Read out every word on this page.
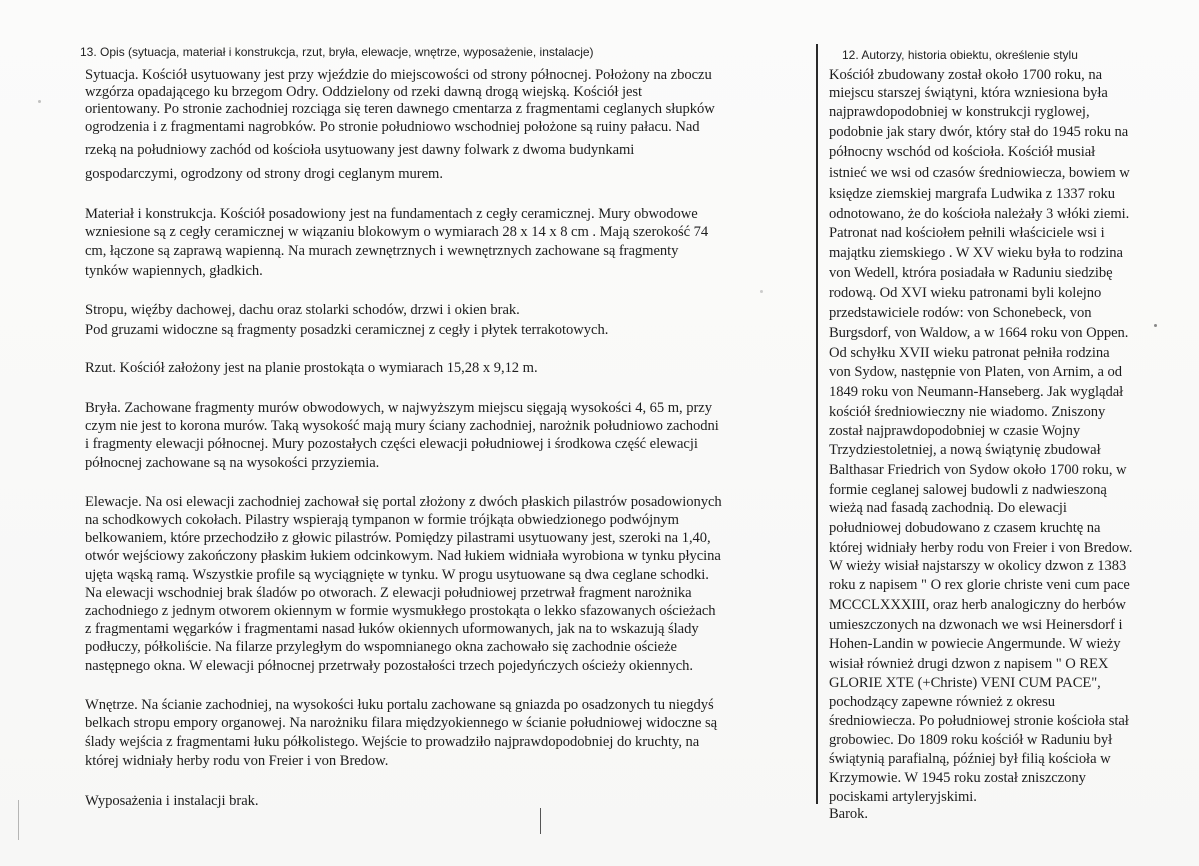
13. Opis (sytuacja, materiał i konstrukcja, rzut, bryła, elewacje, wnętrze, wyposażenie, instalacje)	12. Autorzy, historia obiektu, określenie stylu
Sytuacja. Kościół usytuowany jest przy wjeździe do miejscowości od strony północnej. Położony na zboczu
wzgórza opadającego ku brzegom Odry. Oddzielony od rzeki dawną drogą wiejską. Kościół jest
orientowany. Po stronie zachodniej rozciąga się teren dawnego cmentarza z fragmentami ceglanych słupków
ogrodzenia i z fragmentami nagrobków. Po stronie południowo wschodniej położone są ruiny pałacu. Nad
rzeką na południowy zachód od kościoła usytuowany jest dawny folwark z dwoma budynkami
gospodarczymi, ogrodzony od strony drogi ceglanym murem.
Materiał i konstrukcja. Kościół posadowiony jest na fundamentach z cegły ceramicznej. Mury obwodowe
wzniesione są z cegły ceramicznej w wiązaniu blokowym o wymiarach 28 x 14 x 8 cm . Mają szerokość 74
cm, łączone są zaprawą wapienną. Na murach zewnętrznych i wewnętrznych zachowane są fragmenty
tynków wapiennych, gładkich.
Stropu, więźby dachowej, dachu oraz stolarki schodów, drzwi i okien brak.
Pod gruzami widoczne są fragmenty posadzki ceramicznej z cegły i płytek terrakotowych.
Rzut. Kościół założony jest na planie prostokąta o wymiarach 15,28 x 9,12 m.
Bryła. Zachowane fragmenty murów obwodowych, w najwyższym miejscu sięgają wysokości 4, 65 m, przy
czym nie jest to korona murów. Taką wysokość mają mury ściany zachodniej, narożnik południowo zachodni
i fragmenty elewacji północnej. Mury pozostałych części elewacji południowej i środkowa część elewacji
północnej zachowane są na wysokości przyziemia.
Elewacje. Na osi elewacji zachodniej zachował się portal złożony z dwóch płaskich pilastrów posadowionych
na schodkowych cokołach. Pilastry wspierają tympanon w formie trójkąta obwiedzionego podwójnym
belkowaniem, które przechodziło z głowic pilastrów. Pomiędzy pilastrami usytuowany jest, szeroki na 1,40,
otwór wejściowy zakończony płaskim łukiem odcinkowym. Nad łukiem widniała wyrobiona w tynku płycina
ujęta wąską ramą. Wszystkie profile są wyciągnięte w tynku. W progu usytuowane są dwa ceglane schodki.
Na elewacji wschodniej brak śladów po otworach. Z elewacji południowej przetrwał fragment narożnika
zachodniego z jednym otworem okiennym w formie wysmukłego prostokąta o lekko sfazowanych ościeżach
z fragmentami węgarków i fragmentami nasad łuków okiennych uformowanych, jak na to wskazują ślady
podłuczy, półkoliście. Na filarze przyległym do wspomnianego okna zachowało się zachodnie ościeże
następnego okna. W elewacji północnej przetrwały pozostałości trzech pojedyńczych ościeży okiennych.
Wnętrze. Na ścianie zachodniej, na wysokości łuku portalu zachowane są gniazda po osadzonych tu niegdyś
belkach stropu empory organowej. Na narożniku filara międzyokiennego w ścianie południowej widoczne są
ślady wejścia z fragmentami łuku półkolistego. Wejście to prowadziło najprawdopodobniej do kruchty, na
której widniały herby rodu von Freier i von Bredow.
Wyposażenia i instalacji brak.
Kościół zbudowany został około 1700 roku, na
miejscu starszej świątyni, która wzniesiona była
najprawdopodobniej w konstrukcji ryglowej,
podobnie jak stary dwór, który stał do 1945 roku na
północny wschód od kościoła. Kościół musiał
istnieć we wsi od czasów średniowiecza, bowiem w
księdze ziemskiej margrafa Ludwika z 1337 roku
odnotowano, że do kościoła należały 3 włóki ziemi.
Patronat nad kościołem pełnili właściciele wsi i
majątku ziemskiego . W XV wieku była to rodzina
von Wedell, ktróra posiadała w Raduniu siedzibę
rodową. Od XVI wieku patronami byli kolejno
przedstawiciele rodów: von Schonebeck, von
Burgsdorf, von Waldow, a w 1664 roku von Oppen.
Od schyłku XVII wieku patronat pełniła rodzina
von Sydow, następnie von Platen, von Arnim, a od
1849 roku von Neumann-Hanseberg. Jak wyglądał
kościół średniowieczny nie wiadomo. Zniszony
został najprawdopodobniej w czasie Wojny
Trzydziestoletniej, a nową świątynię zbudował
Balthasar Friedrich von Sydow około 1700 roku, w
formie ceglanej salowej budowli z nadwieszoną
wieżą nad fasadą zachodnią. Do elewacji
południowej dobudowano z czasem kruchtę na
której widniały herby rodu von Freier i von Bredow.
W wieży wisiał najstarszy w okolicy dzwon z 1383
roku z napisem " O rex glorie christe veni cum pace
MCCCLXXXIII, oraz herb analogiczny do herbów
umieszczonych na dzwonach we wsi Heinersdorf i
Hohen-Landin w powiecie Angermunde. W wieży
wisiał również drugi dzwon z napisem " O REX
GLORIE XTE (+Christe) VENI CUM PACE",
pochodzący zapewne również z okresu
średniowiecza. Po południowej stronie kościoła stał
grobowiec. Do 1809 roku kościół w Raduniu był
świątynią parafialną, później był filią kościoła w
Krzymowie. W 1945 roku został zniszczony
pociskami artyleryjskimi.
Barok.
